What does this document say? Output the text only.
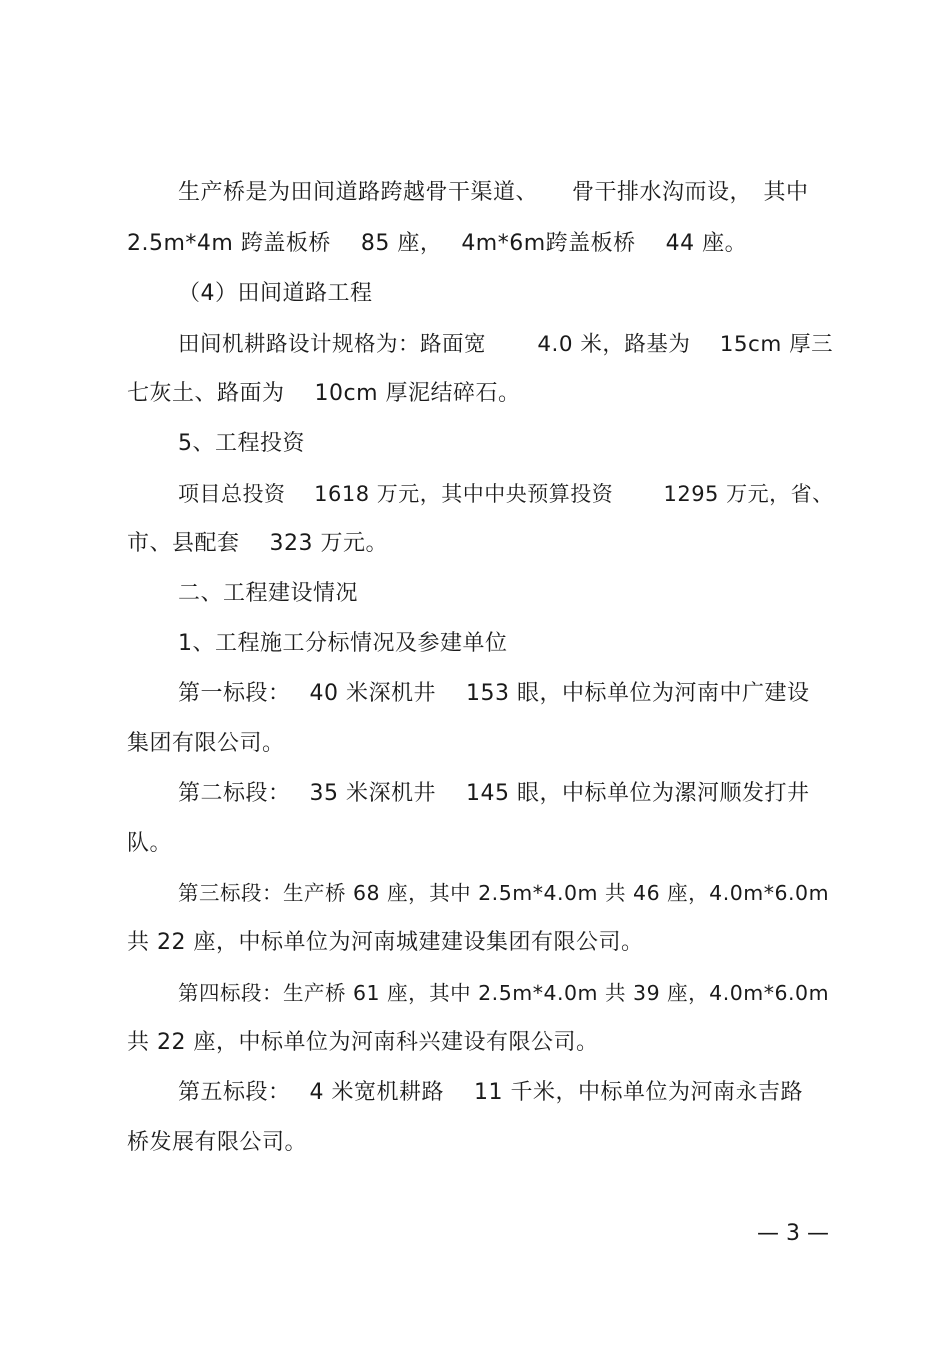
生产桥是为田间道路跨越骨干渠道、　　骨干排水沟而设，　其中
2.5m*4m 跨盖板桥　 85 座，　 4m*6m跨盖板桥　 44 座。
（4）田间道路工程
田间机耕路设计规格为：路面宽　　 4.0 米，路基为　 15cm 厚三
七灰土、路面为　 10cm 厚泥结碎石。
5、工程投资
项目总投资　 1618 万元，其中中央预算投资　　 1295 万元，省、
市、县配套　 323 万元。
二、工程建设情况
1、工程施工分标情况及参建单位
第一标段：　 40 米深机井　 153 眼，中标单位为河南中广建设
集团有限公司。
第二标段：　 35 米深机井　 145 眼，中标单位为漯河顺发打井
队。
第三标段：生产桥 68 座，其中 2.5m*4.0m 共 46 座，4.0m*6.0m
共 22 座，中标单位为河南城建建设集团有限公司。
第四标段：生产桥 61 座，其中 2.5m*4.0m 共 39 座，4.0m*6.0m
共 22 座，中标单位为河南科兴建设有限公司。
第五标段：　 4 米宽机耕路　 11 千米，中标单位为河南永吉路
桥发展有限公司。
— 3 —
